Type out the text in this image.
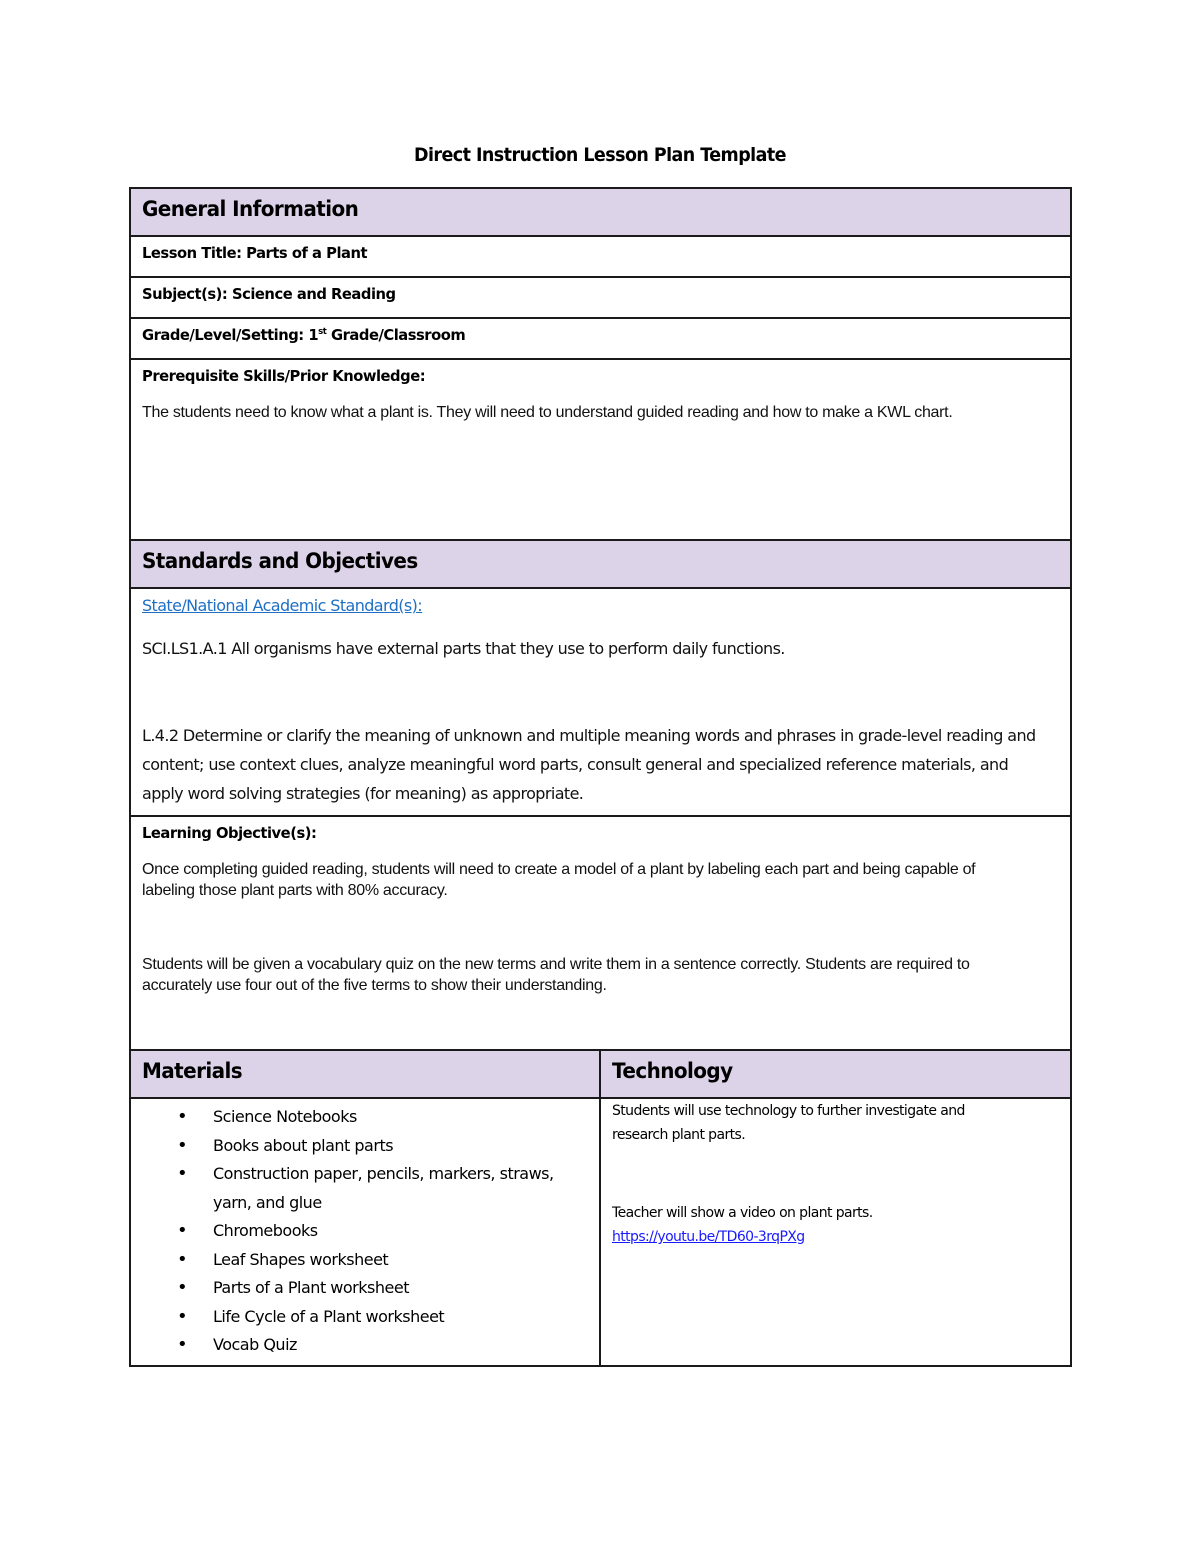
Direct Instruction Lesson Plan Template
General Information	

Lesson Title: Parts of a Plant	

Subject(s): Science and Reading	

Grade/Level/Setting: 1st Grade/Classroom	

Prerequisite Skills/Prior Knowledge:
The students need to know what a plant is. They will need to understand guided reading and how to make a KWL chart.	

Standards and Objectives	

State/National Academic Standard(s):
SCI.LS1.A.1 All organisms have external parts that they use to perform daily functions.
L.4.2 Determine or clarify the meaning of unknown and multiple meaning words and phrases in grade-level reading and content; use context clues, analyze meaningful word parts, consult general and specialized reference materials, and apply word solving strategies (for meaning) as appropriate.	

Learning Objective(s):
Once completing guided reading, students will need to create a model of a plant by labeling each part and being capable of labeling those plant parts with 80% accuracy.
Students will be given a vocabulary quiz on the new terms and write them in a sentence correctly. Students are required to accurately use four out of the five terms to show their understanding.	

Materials	Technology

• Science Notebooks
• Books about plant parts
• Construction paper, pencils, markers, straws, yarn, and glue
• Chromebooks
• Leaf Shapes worksheet
• Parts of a Plant worksheet
• Life Cycle of a Plant worksheet
• Vocab Quiz

Students will use technology to further investigate and research plant parts.
Teacher will show a video on plant parts.
https://youtu.be/TD60-3rqPXg
